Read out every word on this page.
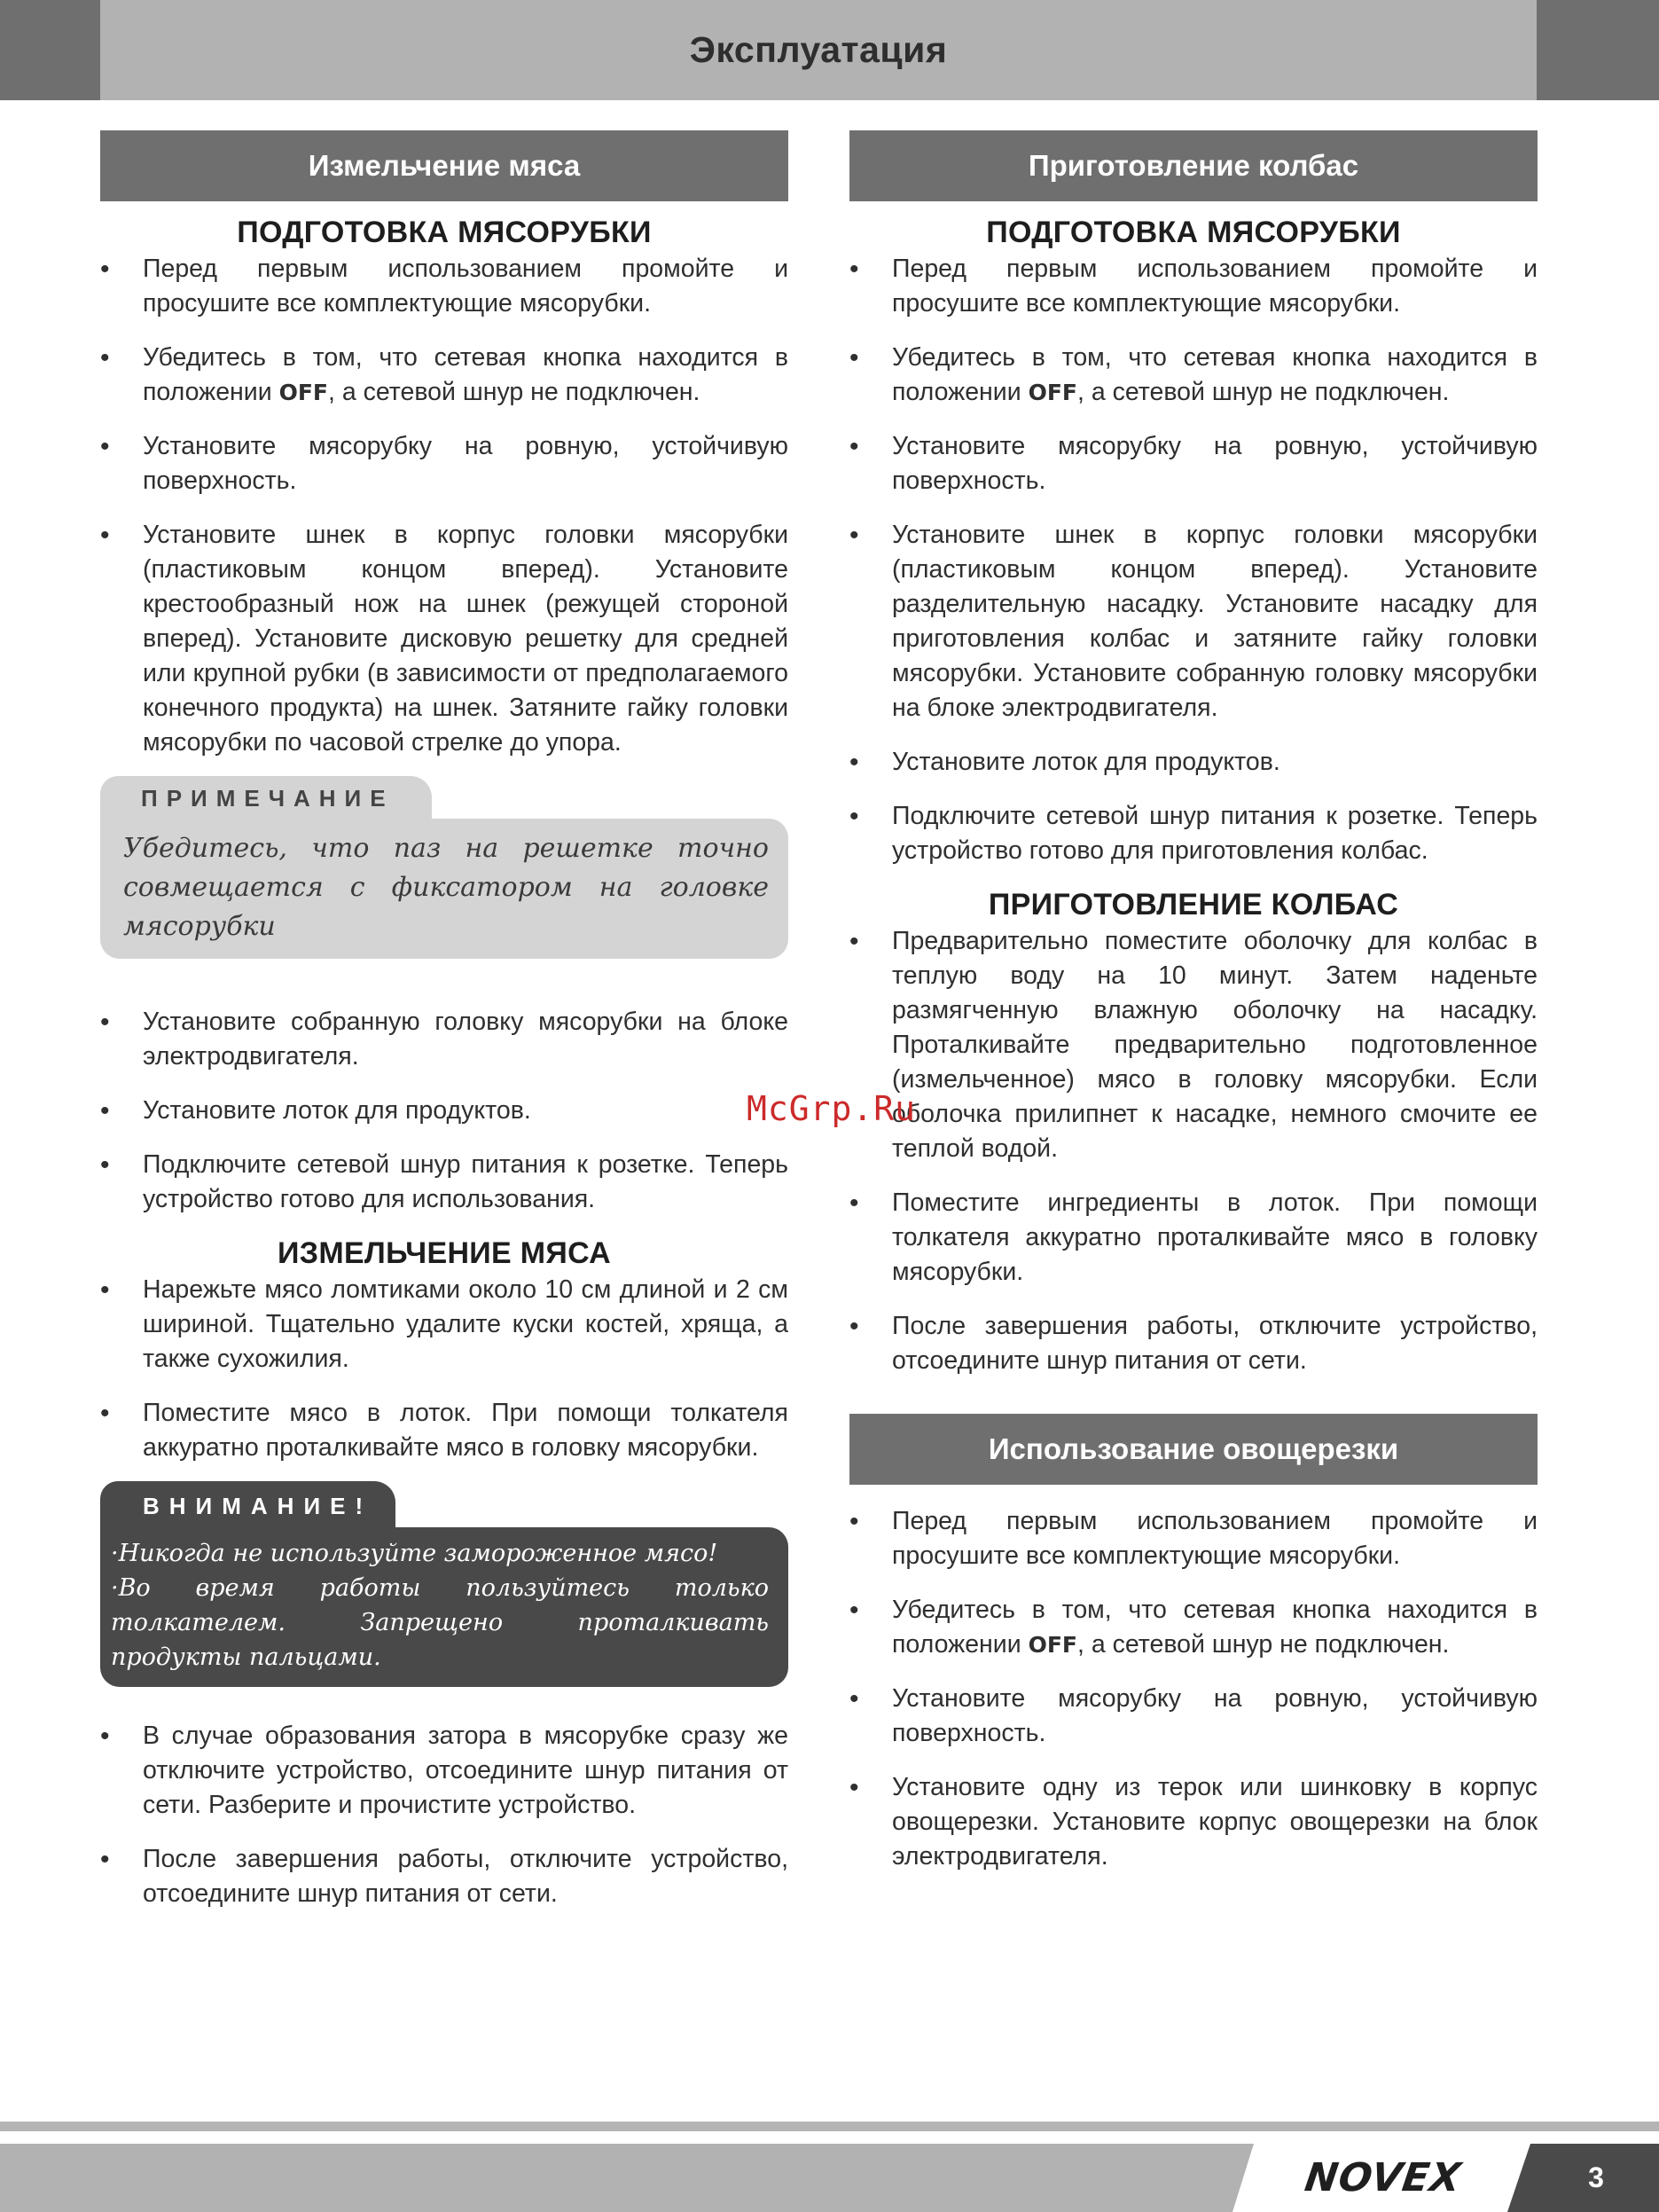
Эксплуатация
Измельчение мяса
ПОДГОТОВКА МЯСОРУБКИ
• Перед первым использованием промойте и просушите все комплектующие мясорубки.
• Убедитесь в том, что сетевая кнопка находится в положении OFF, а сетевой шнур не подключен.
• Установите мясорубку на ровную, устойчивую поверхность.
• Установите шнек в корпус головки мясорубки (пластиковым концом вперед). Установите крестообразный нож на шнек (режущей стороной вперед). Установите дисковую решетку для средней или крупной рубки (в зависимости от предполагаемого конечного продукта) на шнек. Затяните гайку головки мясорубки по часовой стрелке до упора.
ПРИМЕЧАНИЕ
Убедитесь, что паз на решетке точно совмещается с фиксатором на головке мясорубки
• Установите собранную головку мясорубки на блоке электродвигателя.
• Установите лоток для продуктов.
• Подключите сетевой шнур питания к розетке. Теперь устройство готово для использования.
ИЗМЕЛЬЧЕНИЕ МЯСА
• Нарежьте мясо ломтиками около 10 см длиной и 2 см шириной. Тщательно удалите куски костей, хряща, а также сухожилия.
• Поместите мясо в лоток. При помощи толкателя аккуратно проталкивайте мясо в головку мясорубки.
ВНИМАНИЕ!
·Никогда не используйте замороженное мясо!
·Во время работы пользуйтесь только толкателем. Запрещено проталкивать продукты пальцами.
• В случае образования затора в мясорубке сразу же отключите устройство, отсоедините шнур питания от сети. Разберите и прочистите устройство.
• После завершения работы, отключите устройство, отсоедините шнур питания от сети.
Приготовление колбас
ПОДГОТОВКА МЯСОРУБКИ
• Перед первым использованием промойте и просушите все комплектующие мясорубки.
• Убедитесь в том, что сетевая кнопка находится в положении OFF, а сетевой шнур не подключен.
• Установите мясорубку на ровную, устойчивую поверхность.
• Установите шнек в корпус головки мясорубки (пластиковым концом вперед). Установите разделительную насадку. Установите насадку для приготовления колбас и затяните гайку головки мясорубки. Установите собранную головку мясорубки на блоке электродвигателя.
• Установите лоток для продуктов.
• Подключите сетевой шнур питания к розетке. Теперь устройство готово для приготовления колбас.
ПРИГОТОВЛЕНИЕ КОЛБАС
• Предварительно поместите оболочку для колбас в теплую воду на 10 минут. Затем наденьте размягченную влажную оболочку на насадку. Проталкивайте предварительно подготовленное (измельченное) мясо в головку мясорубки. Если оболочка прилипнет к насадке, немного смочите ее теплой водой.
• Поместите ингредиенты в лоток. При помощи толкателя аккуратно проталкивайте мясо в головку мясорубки.
• После завершения работы, отключите устройство, отсоедините шнур питания от сети.
Использование овощерезки
• Перед первым использованием промойте и просушите все комплектующие мясорубки.
• Убедитесь в том, что сетевая кнопка находится в положении OFF, а сетевой шнур не подключен.
• Установите мясорубку на ровную, устойчивую поверхность.
• Установите одну из терок или шинковку в корпус овощерезки. Установите корпус овощерезки на блок электродвигателя.
McGrp.Ru
NOVEX	3
